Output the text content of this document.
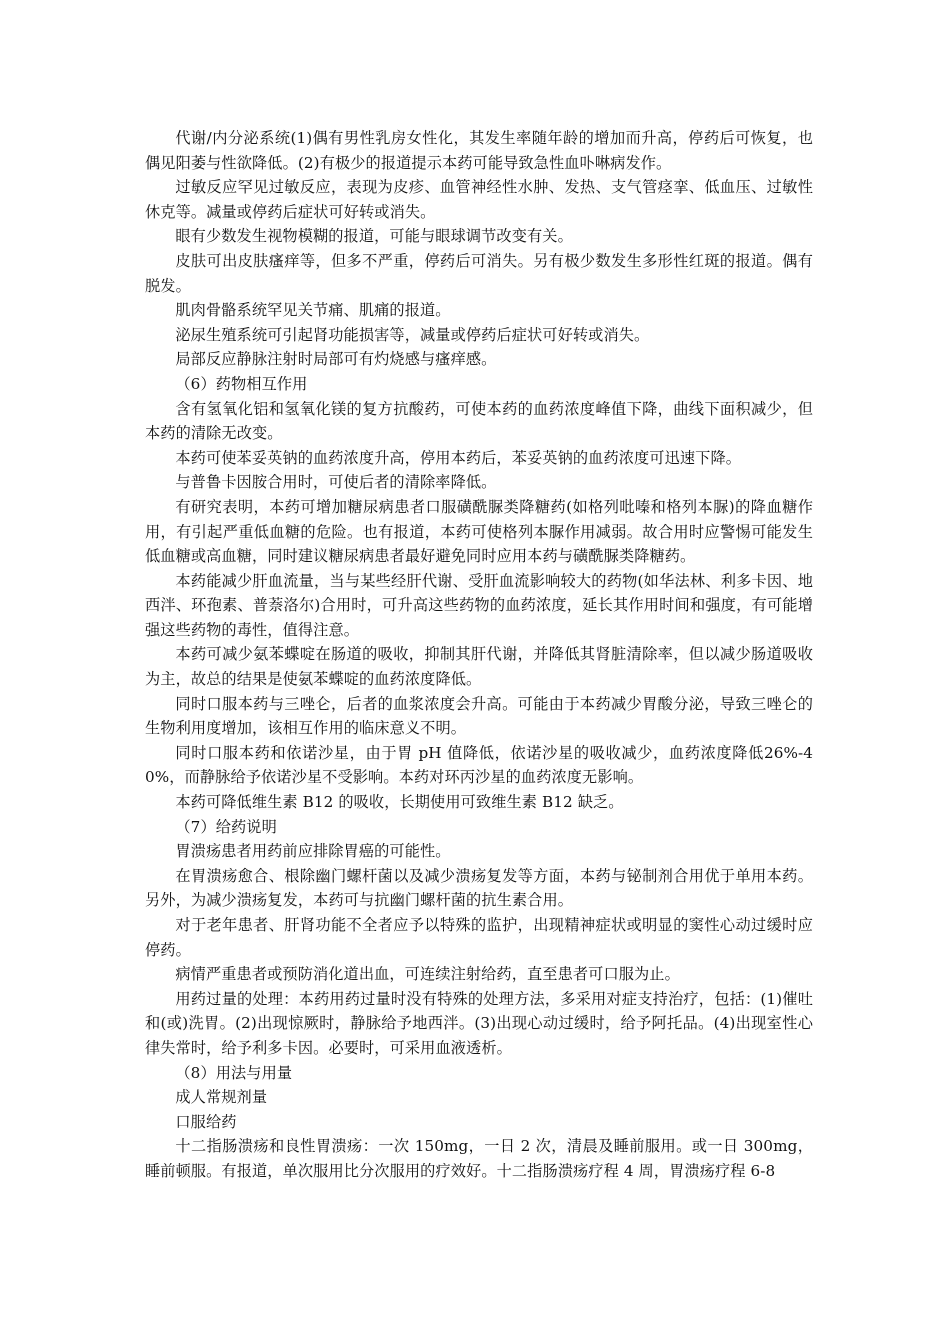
代谢/内分泌系统(1)偶有男性乳房女性化，其发生率随年龄的增加而升高，停药后可恢复，也偶见阳萎与性欲降低。(2)有极少的报道提示本药可能导致急性血卟啉病发作。

过敏反应罕见过敏反应，表现为皮疹、血管神经性水肿、发热、支气管痉挛、低血压、过敏性休克等。减量或停药后症状可好转或消失。

眼有少数发生视物模糊的报道，可能与眼球调节改变有关。

皮肤可出皮肤瘙痒等，但多不严重，停药后可消失。另有极少数发生多形性红斑的报道。偶有脱发。

肌肉骨骼系统罕见关节痛、肌痛的报道。

泌尿生殖系统可引起肾功能损害等，减量或停药后症状可好转或消失。

局部反应静脉注射时局部可有灼烧感与瘙痒感。

（6）药物相互作用

含有氢氧化铝和氢氧化镁的复方抗酸药，可使本药的血药浓度峰值下降，曲线下面积减少，但本药的清除无改变。

本药可使苯妥英钠的血药浓度升高，停用本药后，苯妥英钠的血药浓度可迅速下降。

与普鲁卡因胺合用时，可使后者的清除率降低。

有研究表明，本药可增加糖尿病患者口服磺酰脲类降糖药(如格列吡嗪和格列本脲)的降血糖作用，有引起严重低血糖的危险。也有报道，本药可使格列本脲作用减弱。故合用时应警惕可能发生低血糖或高血糖，同时建议糖尿病患者最好避免同时应用本药与磺酰脲类降糖药。

本药能减少肝血流量，当与某些经肝代谢、受肝血流影响较大的药物(如华法林、利多卡因、地西泮、环孢素、普萘洛尔)合用时，可升高这些药物的血药浓度，延长其作用时间和强度，有可能增强这些药物的毒性，值得注意。

本药可减少氨苯蝶啶在肠道的吸收，抑制其肝代谢，并降低其肾脏清除率，但以减少肠道吸收为主，故总的结果是使氨苯蝶啶的血药浓度降低。

同时口服本药与三唑仑，后者的血浆浓度会升高。可能由于本药减少胃酸分泌，导致三唑仑的生物利用度增加，该相互作用的临床意义不明。

同时口服本药和依诺沙星，由于胃 pH 值降低，依诺沙星的吸收减少，血药浓度降低26%-40%，而静脉给予依诺沙星不受影响。本药对环丙沙星的血药浓度无影响。

本药可降低维生素 B12 的吸收，长期使用可致维生素 B12 缺乏。

（7）给药说明

胃溃疡患者用药前应排除胃癌的可能性。

在胃溃疡愈合、根除幽门螺杆菌以及减少溃疡复发等方面，本药与铋制剂合用优于单用本药。另外，为减少溃疡复发，本药可与抗幽门螺杆菌的抗生素合用。

对于老年患者、肝肾功能不全者应予以特殊的监护，出现精神症状或明显的窦性心动过缓时应停药。

病情严重患者或预防消化道出血，可连续注射给药，直至患者可口服为止。

用药过量的处理：本药用药过量时没有特殊的处理方法，多采用对症支持治疗，包括：(1)催吐和(或)洗胃。(2)出现惊厥时，静脉给予地西泮。(3)出现心动过缓时，给予阿托品。(4)出现室性心律失常时，给予利多卡因。必要时，可采用血液透析。

（8）用法与用量

成人常规剂量

口服给药

十二指肠溃疡和良性胃溃疡：一次 150mg，一日 2 次，清晨及睡前服用。或一日 300mg，睡前顿服。有报道，单次服用比分次服用的疗效好。十二指肠溃疡疗程 4 周，胃溃疡疗程 6-8
